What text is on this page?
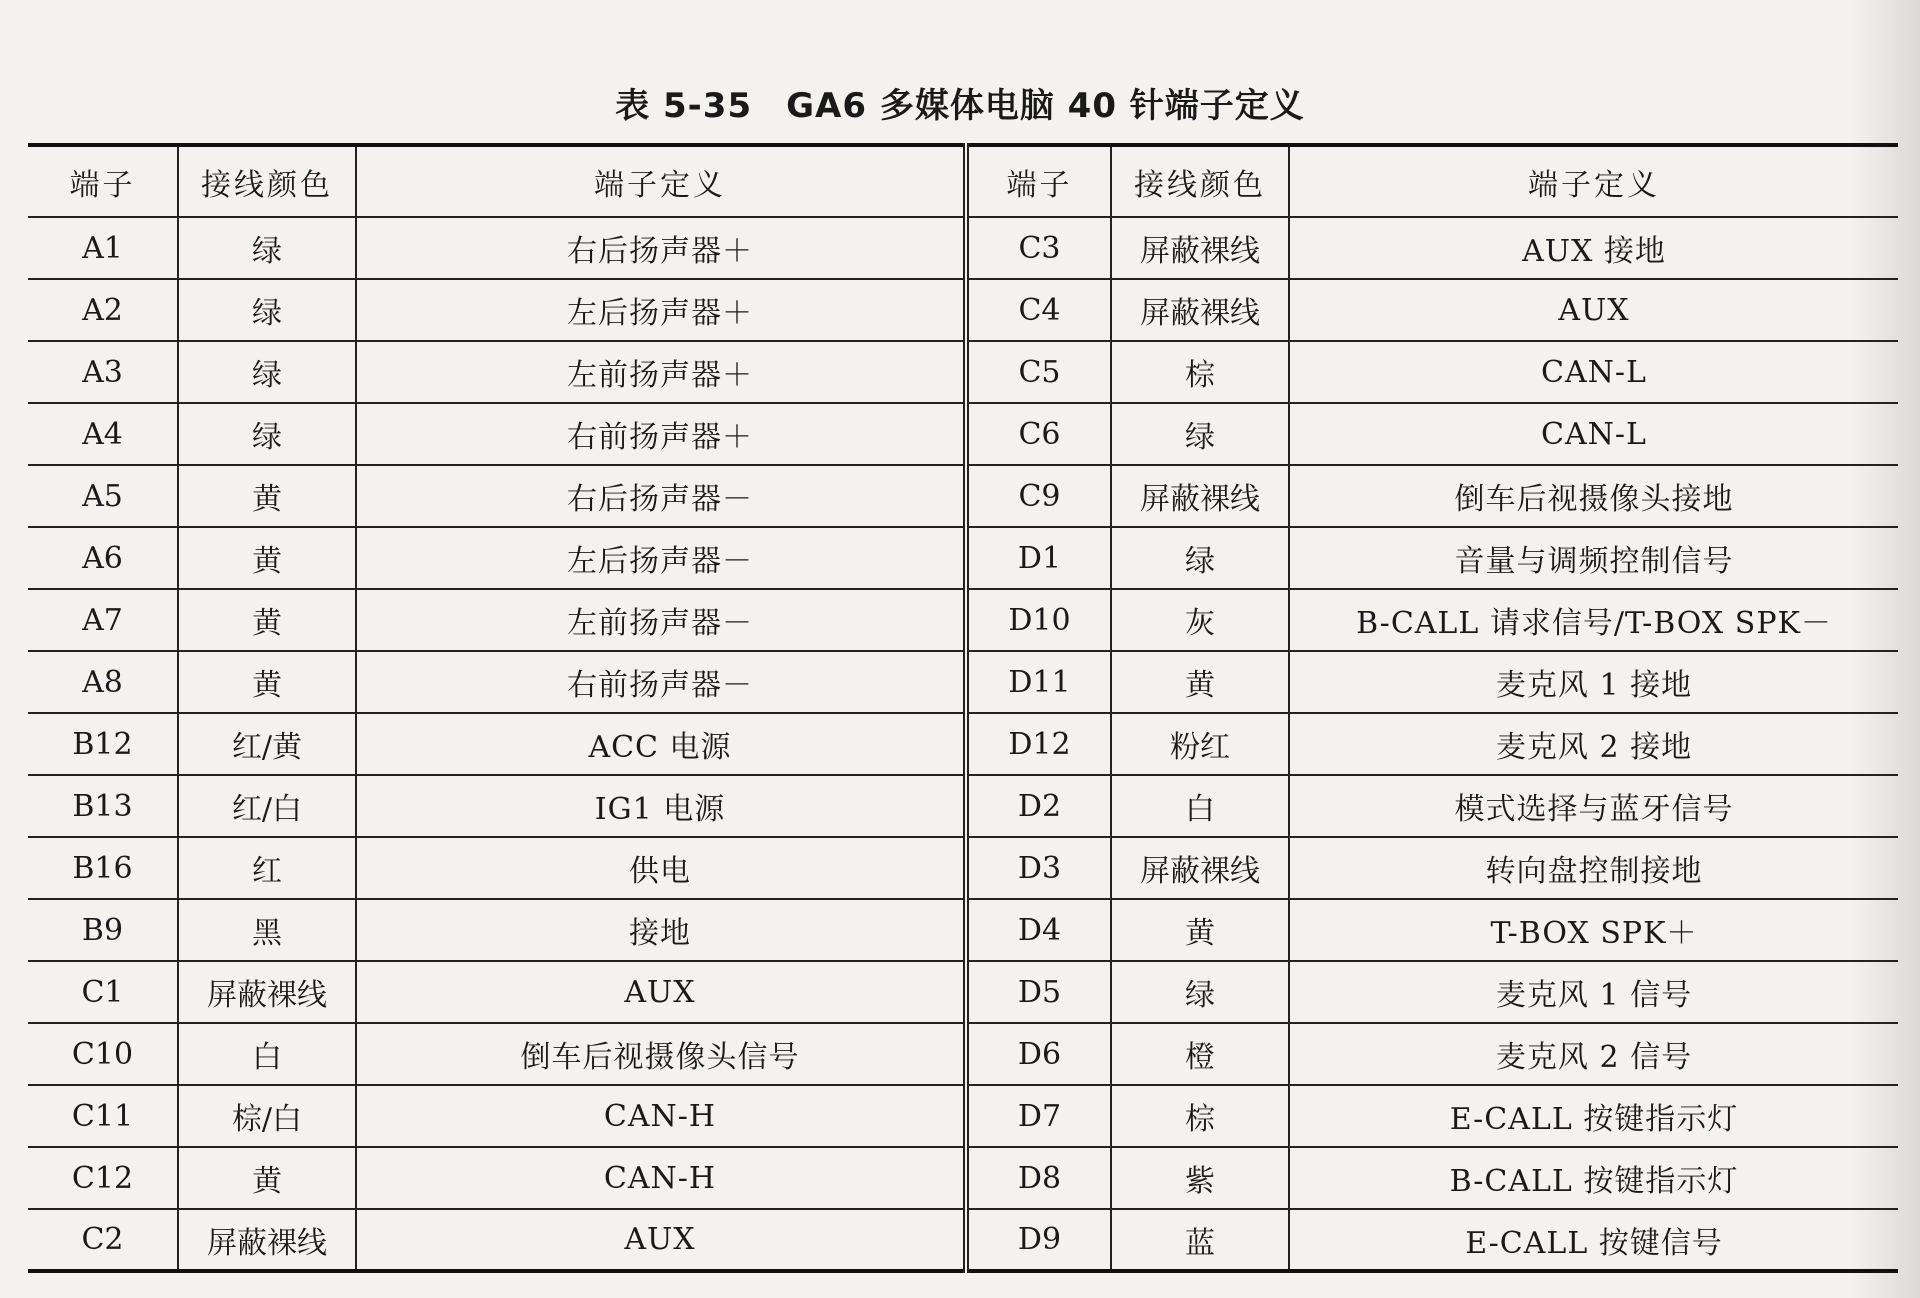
表 5-35 GA6 多媒体电脑 40 针端子定义
端子	接线颜色	端子定义	端子	接线颜色	端子定义
A1	绿	右后扬声器＋	C3	屏蔽裸线	AUX 接地
A2	绿	左后扬声器＋	C4	屏蔽裸线	AUX
A3	绿	左前扬声器＋	C5	棕	CAN-L
A4	绿	右前扬声器＋	C6	绿	CAN-L
A5	黄	右后扬声器－	C9	屏蔽裸线	倒车后视摄像头接地
A6	黄	左后扬声器－	D1	绿	音量与调频控制信号
A7	黄	左前扬声器－	D10	灰	B-CALL 请求信号/T-BOX SPK－
A8	黄	右前扬声器－	D11	黄	麦克风 1 接地
B12	红/黄	ACC 电源	D12	粉红	麦克风 2 接地
B13	红/白	IG1 电源	D2	白	模式选择与蓝牙信号
B16	红	供电	D3	屏蔽裸线	转向盘控制接地
B9	黑	接地	D4	黄	T-BOX SPK＋
C1	屏蔽裸线	AUX	D5	绿	麦克风 1 信号
C10	白	倒车后视摄像头信号	D6	橙	麦克风 2 信号
C11	棕/白	CAN-H	D7	棕	E-CALL 按键指示灯
C12	黄	CAN-H	D8	紫	B-CALL 按键指示灯
C2	屏蔽裸线	AUX	D9	蓝	E-CALL 按键信号
